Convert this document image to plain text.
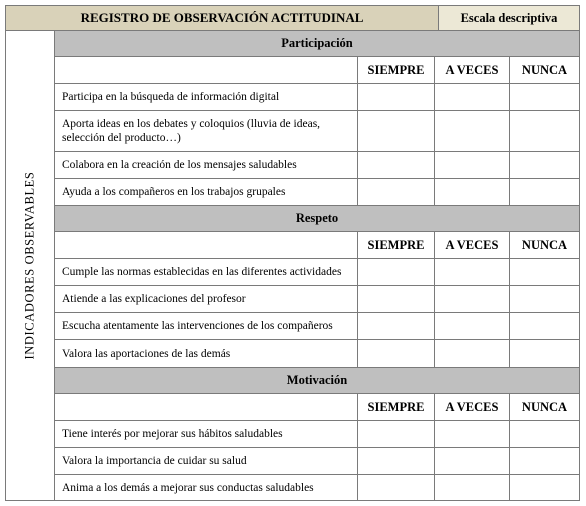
REGISTRO DE OBSERVACIÓN ACTITUDINAL	Escala descriptiva
INDICADORES OBSERVABLES
Participación
SIEMPRE	A VECES	NUNCA
Participa en la búsqueda de información digital
Aporta ideas en los debates y coloquios (lluvia de ideas, selección del producto…)
Colabora en la creación de los mensajes saludables
Ayuda a los compañeros en los trabajos grupales
Respeto
SIEMPRE	A VECES	NUNCA
Cumple las normas establecidas en las diferentes actividades
Atiende a las explicaciones del profesor
Escucha atentamente las intervenciones de los compañeros
Valora las aportaciones de las demás
Motivación
SIEMPRE	A VECES	NUNCA
Tiene interés por mejorar sus hábitos saludables
Valora la importancia de cuidar su salud
Anima a los demás a mejorar sus conductas saludables
